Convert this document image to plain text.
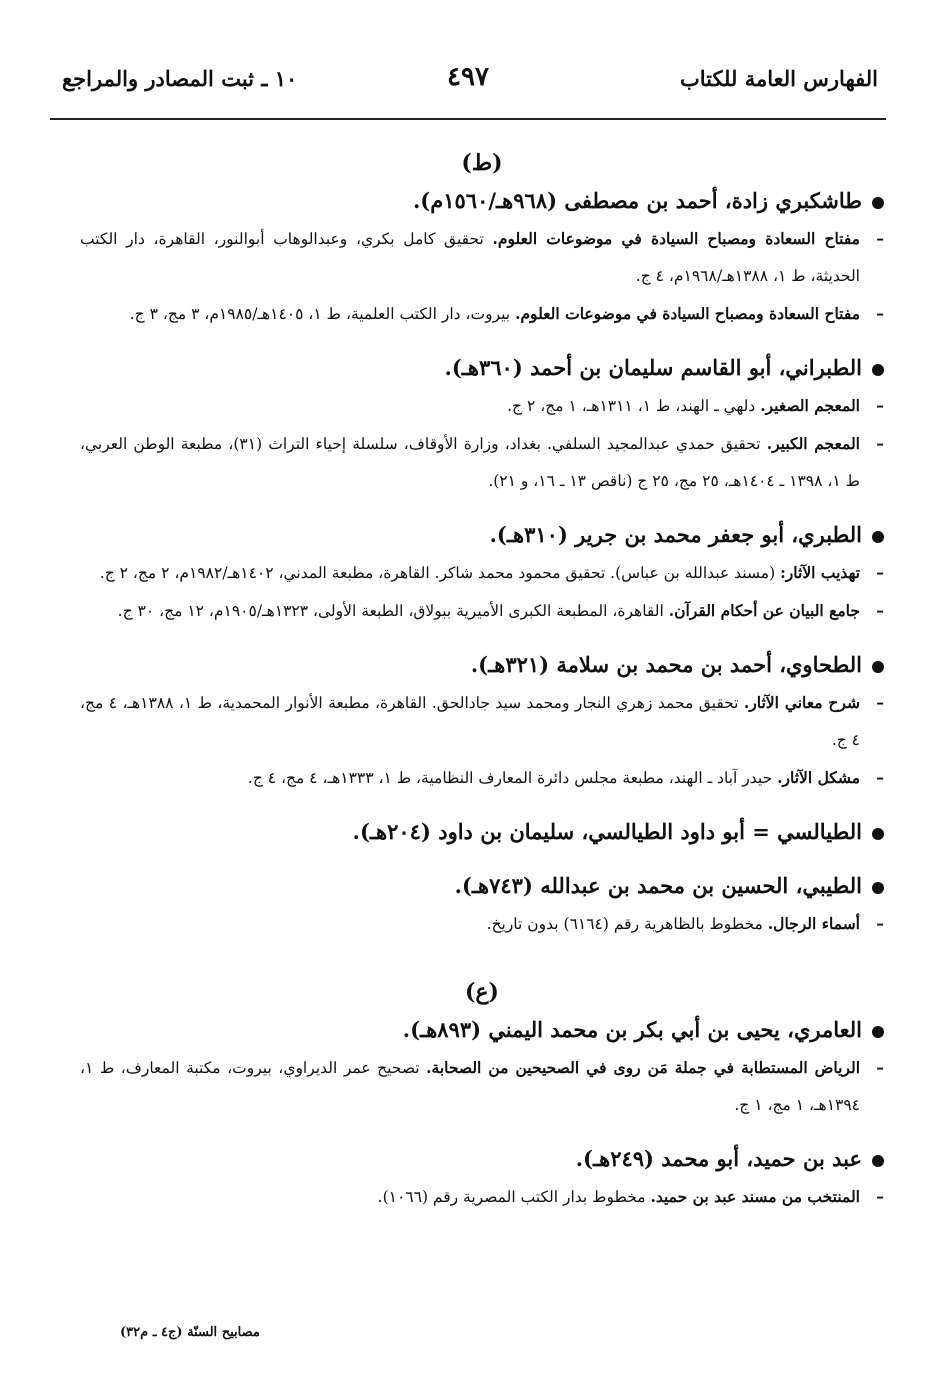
الفهارس العامة للكتاب
٤٩٧
١٠ ـ ثبت المصادر والمراجع
(ط)
طاشكبري زادة، أحمد بن مصطفى (٩٦٨هـ/١٥٦٠م).
–
مفتاح السعادة ومصباح السيادة في موضوعات العلوم. تحقيق كامل بكري، وعبدالوهاب أبوالنور، القاهرة، دار الكتب الحديثة، ط ١، ١٣٨٨هـ/١٩٦٨م، ٤ ج.
–
مفتاح السعادة ومصباح السيادة في موضوعات العلوم. بيروت، دار الكتب العلمية، ط ١، ١٤٠٥هـ/١٩٨٥م، ٣ مج، ٣ ج.
الطبراني، أبو القاسم سليمان بن أحمد (٣٦٠هـ).
–
المعجم الصغير. دلهي ـ الهند، ط ١، ١٣١١هـ، ١ مج، ٢ ج.
–
المعجم الكبير. تحقيق حمدي عبدالمجيد السلفي. بغداد، وزارة الأوقاف، سلسلة إحياء التراث (٣١)، مطبعة الوطن العربي، ط ١، ١٣٩٨ ـ ١٤٠٤هـ، ٢٥ مج، ٢٥ ج (ناقص ١٣ ـ ١٦، و ٢١).
الطبري، أبو جعفر محمد بن جرير (٣١٠هـ).
–
تهذيب الآثار: (مسند عبدالله بن عباس). تحقيق محمود محمد شاكر. القاهرة، مطبعة المدني، ١٤٠٢هـ/١٩٨٢م، ٢ مج، ٢ ج.
–
جامع البيان عن أحكام القرآن. القاهرة، المطبعة الكبرى الأميرية ببولاق، الطبعة الأولى، ١٣٢٣هـ/١٩٠٥م، ١٢ مج، ٣٠ ج.
الطحاوي، أحمد بن محمد بن سلامة (٣٢١هـ).
–
شرح معاني الآثار. تحقيق محمد زهري النجار ومحمد سيد جادالحق. القاهرة، مطبعة الأنوار المحمدية، ط ١، ١٣٨٨هـ، ٤ مج، ٤ ج.
–
مشكل الآثار. حيدر آباد ـ الهند، مطبعة مجلس دائرة المعارف النظامية، ط ١، ١٣٣٣هـ، ٤ مج، ٤ ج.
الطيالسي = أبو داود الطيالسي، سليمان بن داود (٢٠٤هـ).
الطيبي، الحسين بن محمد بن عبدالله (٧٤٣هـ).
–
أسماء الرجال. مخطوط بالظاهرية رقم (٦١٦٤) بدون تاريخ.
(ع)
العامري، يحيى بن أبي بكر بن محمد اليمني (٨٩٣هـ).
–
الرياض المستطابة في جملة مَن روى في الصحيحين من الصحابة. تصحيح عمر الديراوي، بيروت، مكتبة المعارف، ط ١، ١٣٩٤هـ، ١ مج، ١ ج.
عبد بن حميد، أبو محمد (٢٤٩هـ).
–
المنتخب من مسند عبد بن حميد. مخطوط بدار الكتب المصرية رقم (١٠٦٦).
مصابيح السنّة (ج٤ ـ م٣٢)
